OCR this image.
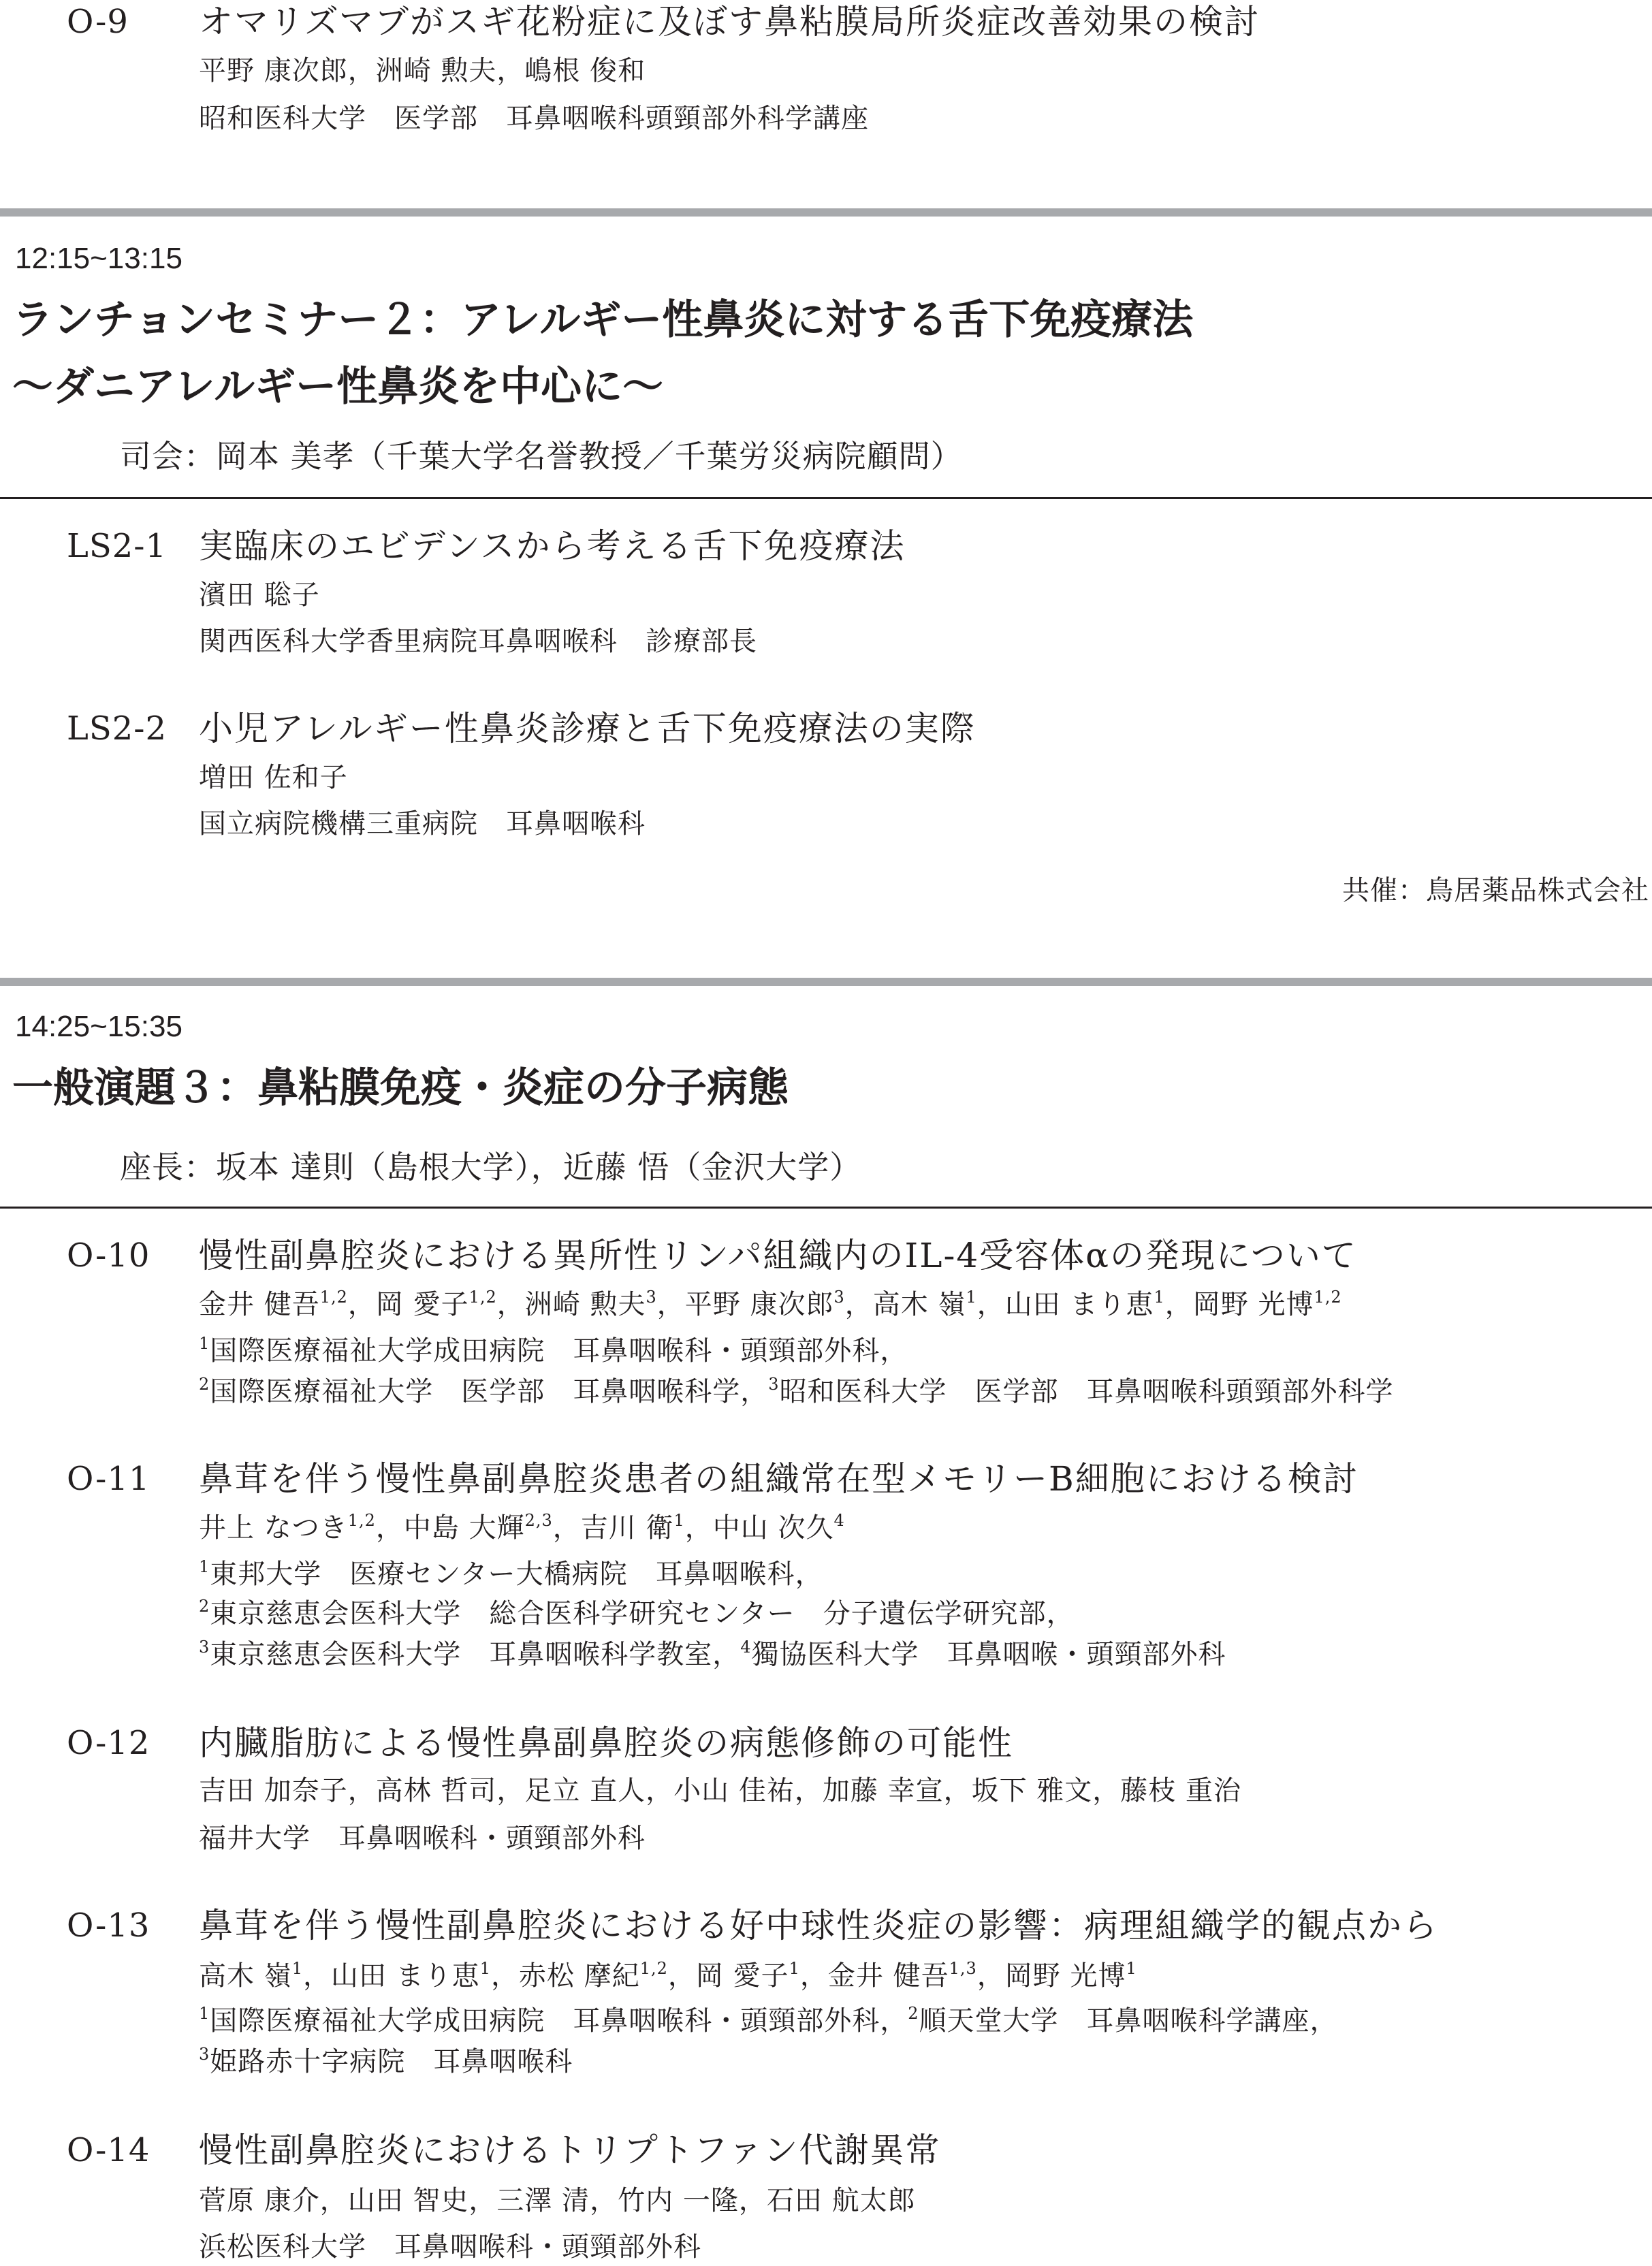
O-9 オマリズマブがスギ花粉症に及ぼす鼻粘膜局所炎症改善効果の検討
平野 康次郎，洲崎 勲夫，嶋根 俊和
昭和医科大学　医学部　耳鼻咽喉科頭頸部外科学講座
12:15~13:15
ランチョンセミナー２：アレルギー性鼻炎に対する舌下免疫療法
〜ダニアレルギー性鼻炎を中心に〜
司会：岡本 美孝（千葉大学名誉教授／千葉労災病院顧問）
LS2-1 実臨床のエビデンスから考える舌下免疫療法
濱田 聡子
関西医科大学香里病院耳鼻咽喉科　診療部長
LS2-2 小児アレルギー性鼻炎診療と舌下免疫療法の実際
増田 佐和子
国立病院機構三重病院　耳鼻咽喉科
共催：鳥居薬品株式会社
14:25~15:35
一般演題３：鼻粘膜免疫・炎症の分子病態
座長：坂本 達則（島根大学），近藤 悟（金沢大学）
O-10 慢性副鼻腔炎における異所性リンパ組織内のIL-4受容体αの発現について
金井 健吾$^{1,2}$，岡 愛子$^{1,2}$，洲崎 勲夫$^3$，平野 康次郎$^3$，高木 嶺$^1$，山田 まり恵$^1$，岡野 光博$^{1,2}$
$^1$国際医療福祉大学成田病院　耳鼻咽喉科・頭頸部外科，
$^2$国際医療福祉大学　医学部　耳鼻咽喉科学，$^3$昭和医科大学　医学部　耳鼻咽喉科頭頸部外科学
O-11 鼻茸を伴う慢性鼻副鼻腔炎患者の組織常在型メモリーB細胞における検討
井上 なつき$^{1,2}$，中島 大輝$^{2,3}$，吉川 衛$^1$，中山 次久$^4$
$^1$東邦大学　医療センター大橋病院　耳鼻咽喉科，
$^2$東京慈恵会医科大学　総合医科学研究センター　分子遺伝学研究部，
$^3$東京慈恵会医科大学　耳鼻咽喉科学教室，$^4$獨協医科大学　耳鼻咽喉・頭頸部外科
O-12 内臓脂肪による慢性鼻副鼻腔炎の病態修飾の可能性
吉田 加奈子，高林 哲司，足立 直人，小山 佳祐，加藤 幸宣，坂下 雅文，藤枝 重治
福井大学　耳鼻咽喉科・頭頸部外科
O-13 鼻茸を伴う慢性副鼻腔炎における好中球性炎症の影響：病理組織学的観点から
高木 嶺$^1$，山田 まり恵$^1$，赤松 摩紀$^{1,2}$，岡 愛子$^1$，金井 健吾$^{1,3}$，岡野 光博$^1$
$^1$国際医療福祉大学成田病院　耳鼻咽喉科・頭頸部外科，$^2$順天堂大学　耳鼻咽喉科学講座，
$^3$姫路赤十字病院　耳鼻咽喉科
O-14 慢性副鼻腔炎におけるトリプトファン代謝異常
菅原 康介，山田 智史，三澤 清，竹内 一隆，石田 航太郎
浜松医科大学　耳鼻咽喉科・頭頸部外科
